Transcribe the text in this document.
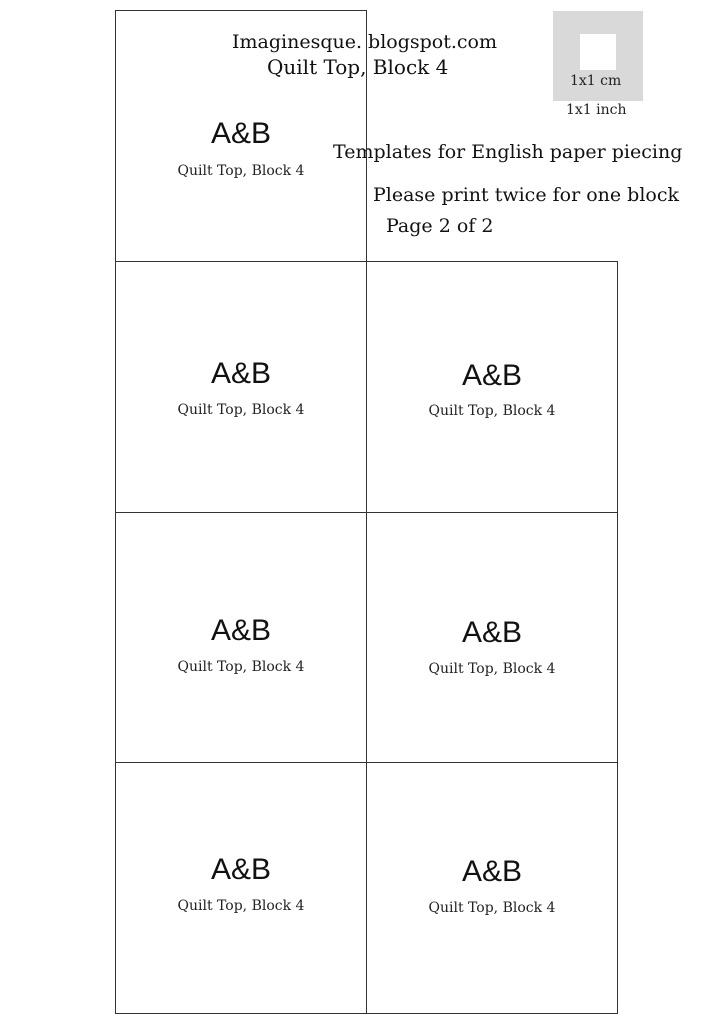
A&B
Quilt Top, Block 4
A&B
Quilt Top, Block 4
A&B
Quilt Top, Block 4
A&B
Quilt Top, Block 4
A&B
Quilt Top, Block 4
A&B
Quilt Top, Block 4
A&B
Quilt Top, Block 4
Imaginesque. blogspot.com
Quilt Top, Block 4
Templates for English paper piecing
Please print twice for one block
Page 2 of 2
1x1 cm
1x1 inch
